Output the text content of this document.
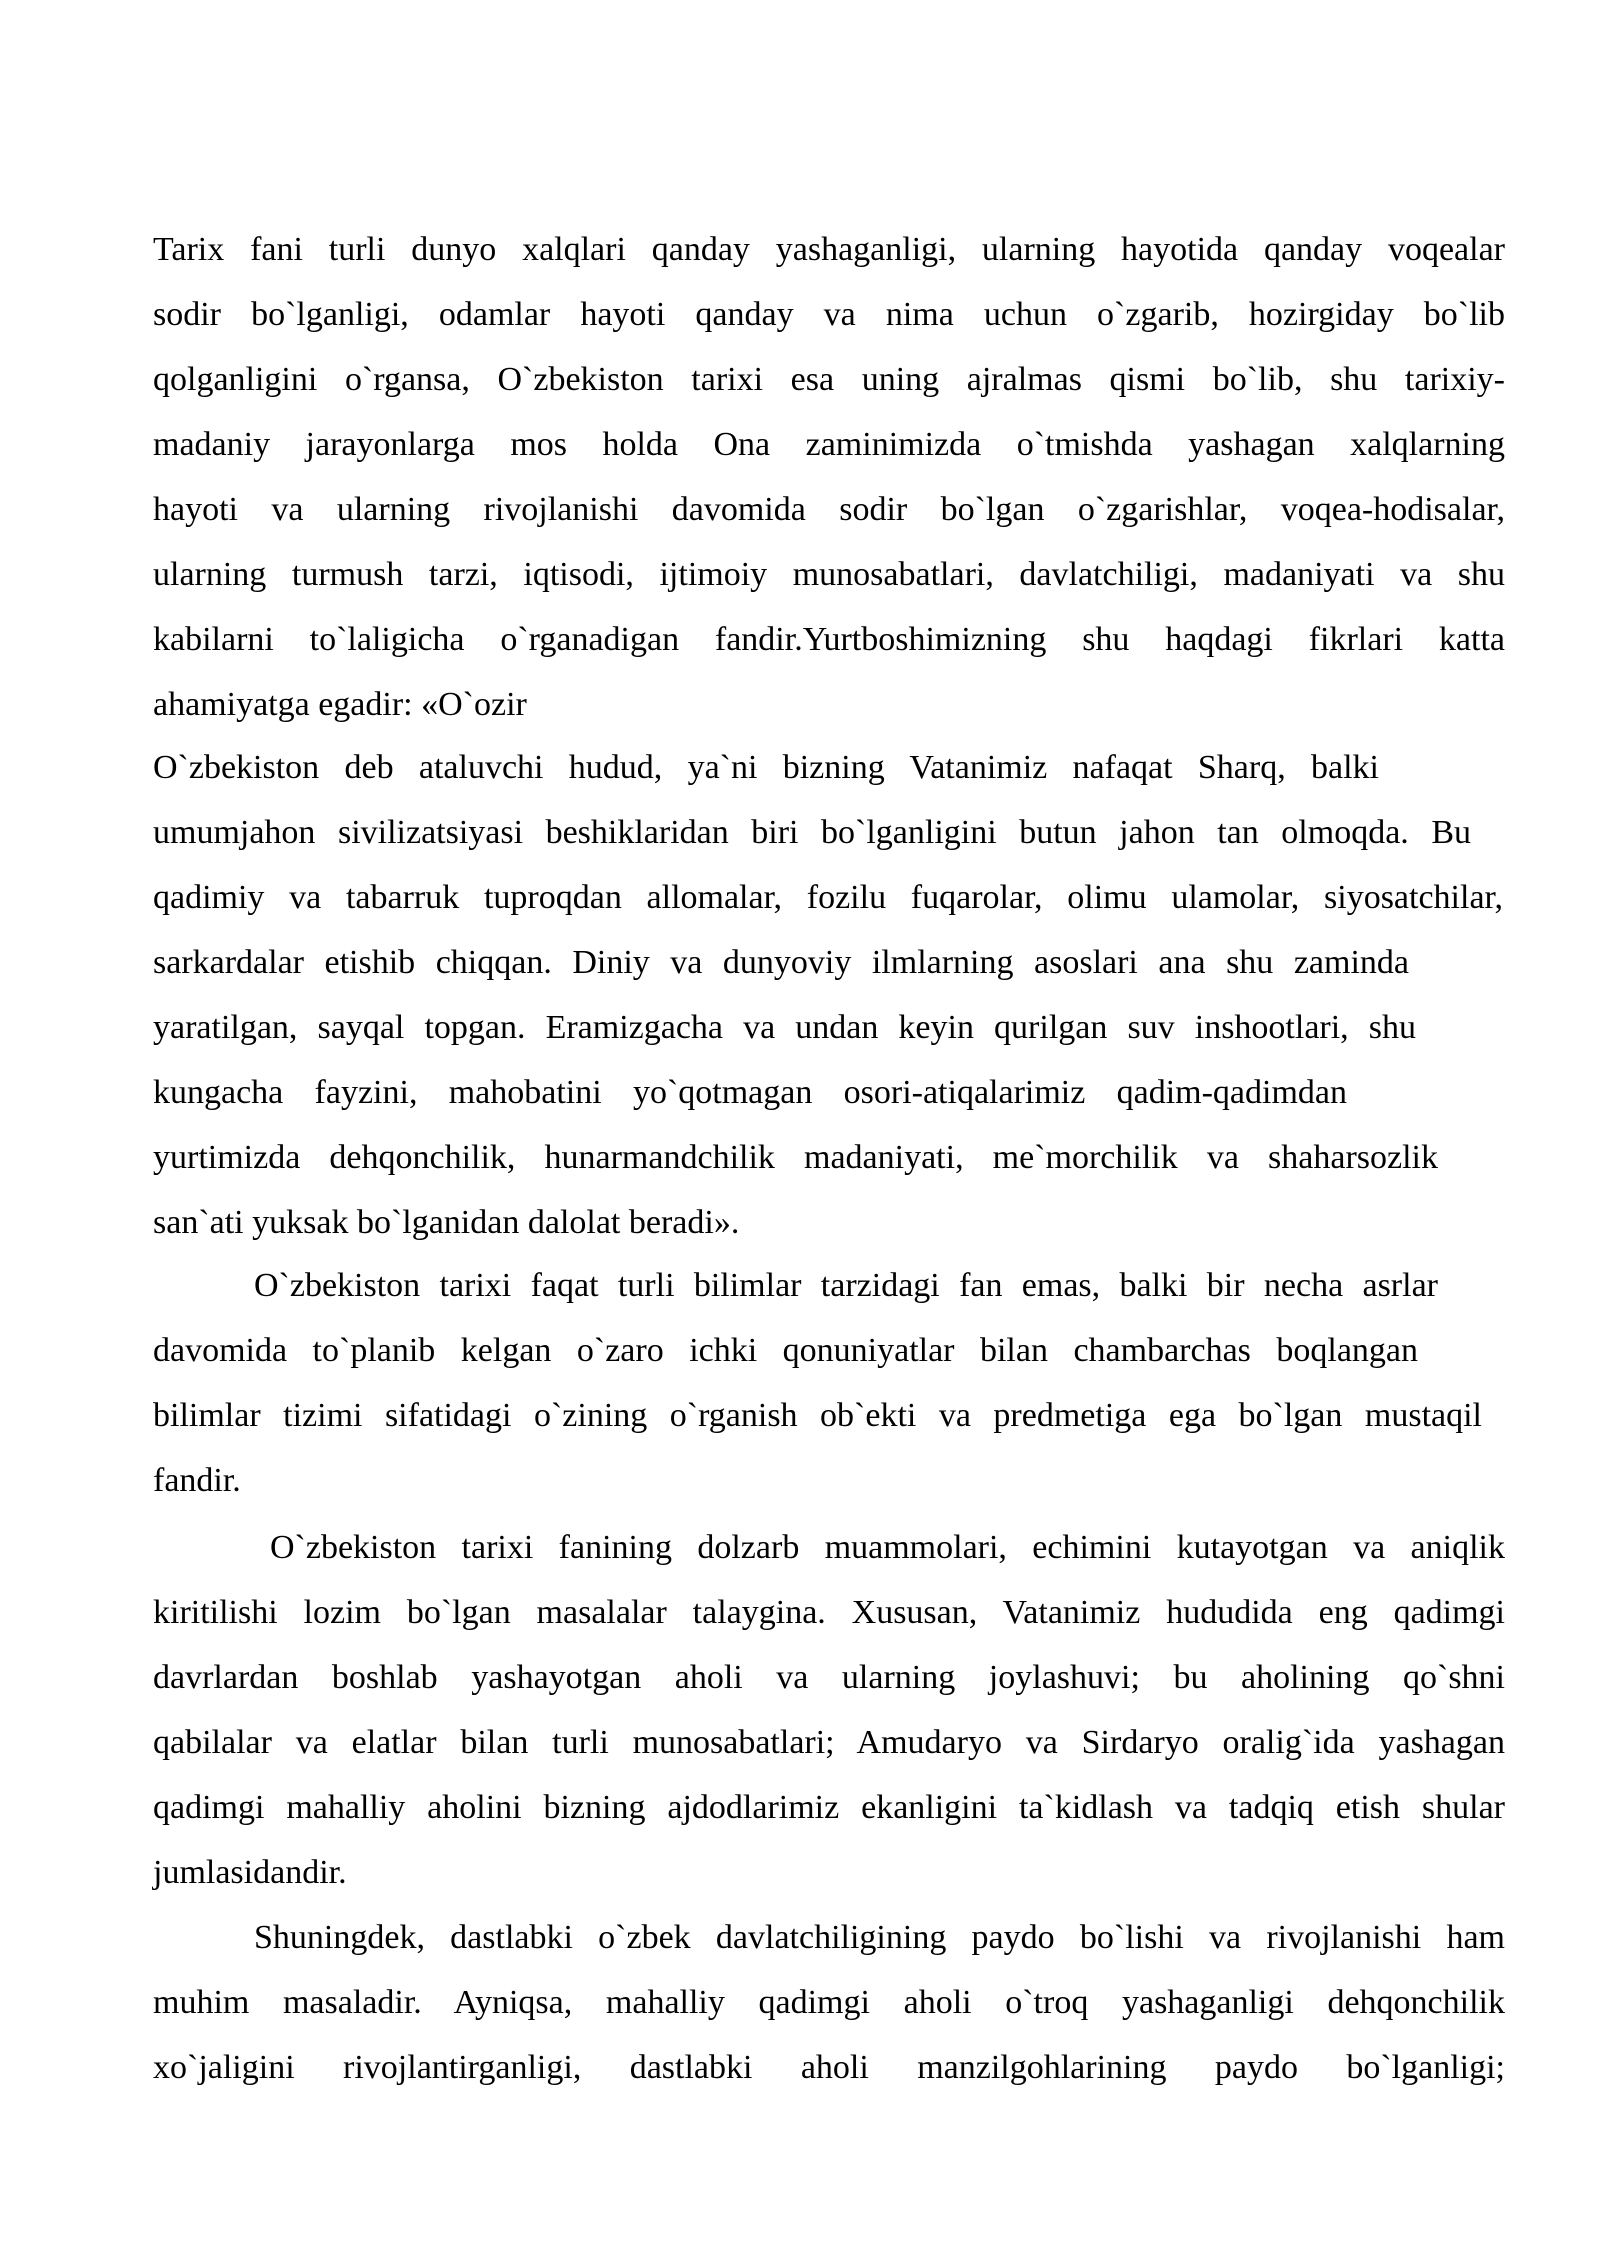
Tarix fani turli dunyo xalqlari qanday yashaganligi, ularning hayotida qanday voqealar

sodir bo`lganligi, odamlar hayoti qanday va nima uchun o`zgarib, hozirgiday bo`lib

qolganligini o`rgansa, O`zbekiston tarixi esa uning ajralmas qismi bo`lib, shu tarixiy-

madaniy jarayonlarga mos holda Ona zaminimizda o`tmishda yashagan xalqlarning

hayoti va ularning rivojlanishi davomida sodir bo`lgan o`zgarishlar, voqea-hodisalar,

ularning turmush tarzi, iqtisodi, ijtimoiy munosabatlari, davlatchiligi, madaniyati va shu

kabilarni to`laligicha o`rganadigan fandir.Yurtboshimizning shu haqdagi fikrlari katta

ahamiyatga egadir: «O`ozir

O`zbekiston deb ataluvchi hudud, ya`ni bizning Vatanimiz nafaqat Sharq, balki

umumjahon sivilizatsiyasi beshiklaridan biri bo`lganligini butun jahon tan olmoqda. Bu

qadimiy va tabarruk tuproqdan allomalar, fozilu fuqarolar, olimu ulamolar, siyosatchilar,

sarkardalar etishib chiqqan. Diniy va dunyoviy ilmlarning asoslari ana shu zaminda

yaratilgan, sayqal topgan. Eramizgacha va undan keyin qurilgan suv inshootlari, shu

kungacha fayzini, mahobatini yo`qotmagan osori-atiqalarimiz qadim-qadimdan

yurtimizda dehqonchilik, hunarmandchilik madaniyati, me`morchilik va shaharsozlik

san`ati yuksak bo`lganidan dalolat beradi».

O`zbekiston tarixi faqat turli bilimlar tarzidagi fan emas, balki bir necha asrlar

davomida to`planib kelgan o`zaro ichki qonuniyatlar bilan chambarchas boqlangan

bilimlar tizimi sifatidagi o`zining o`rganish ob`ekti va predmetiga ega bo`lgan mustaqil

fandir.

O`zbekiston tarixi fanining dolzarb muammolari, echimini kutayotgan va aniqlik

kiritilishi lozim bo`lgan masalalar talaygina. Xususan, Vatanimiz hududida eng qadimgi

davrlardan boshlab yashayotgan aholi va ularning joylashuvi; bu aholining qo`shni

qabilalar va elatlar bilan turli munosabatlari; Amudaryo va Sirdaryo oralig`ida yashagan

qadimgi mahalliy aholini bizning ajdodlarimiz ekanligini ta`kidlash va tadqiq etish shular

jumlasidandir.

Shuningdek, dastlabki o`zbek davlatchiligining paydo bo`lishi va rivojlanishi ham

muhim masaladir. Ayniqsa, mahalliy qadimgi aholi o`troq yashaganligi dehqonchilik

xo`jaligini rivojlantirganligi, dastlabki aholi manzilgohlarining paydo bo`lganligi;
